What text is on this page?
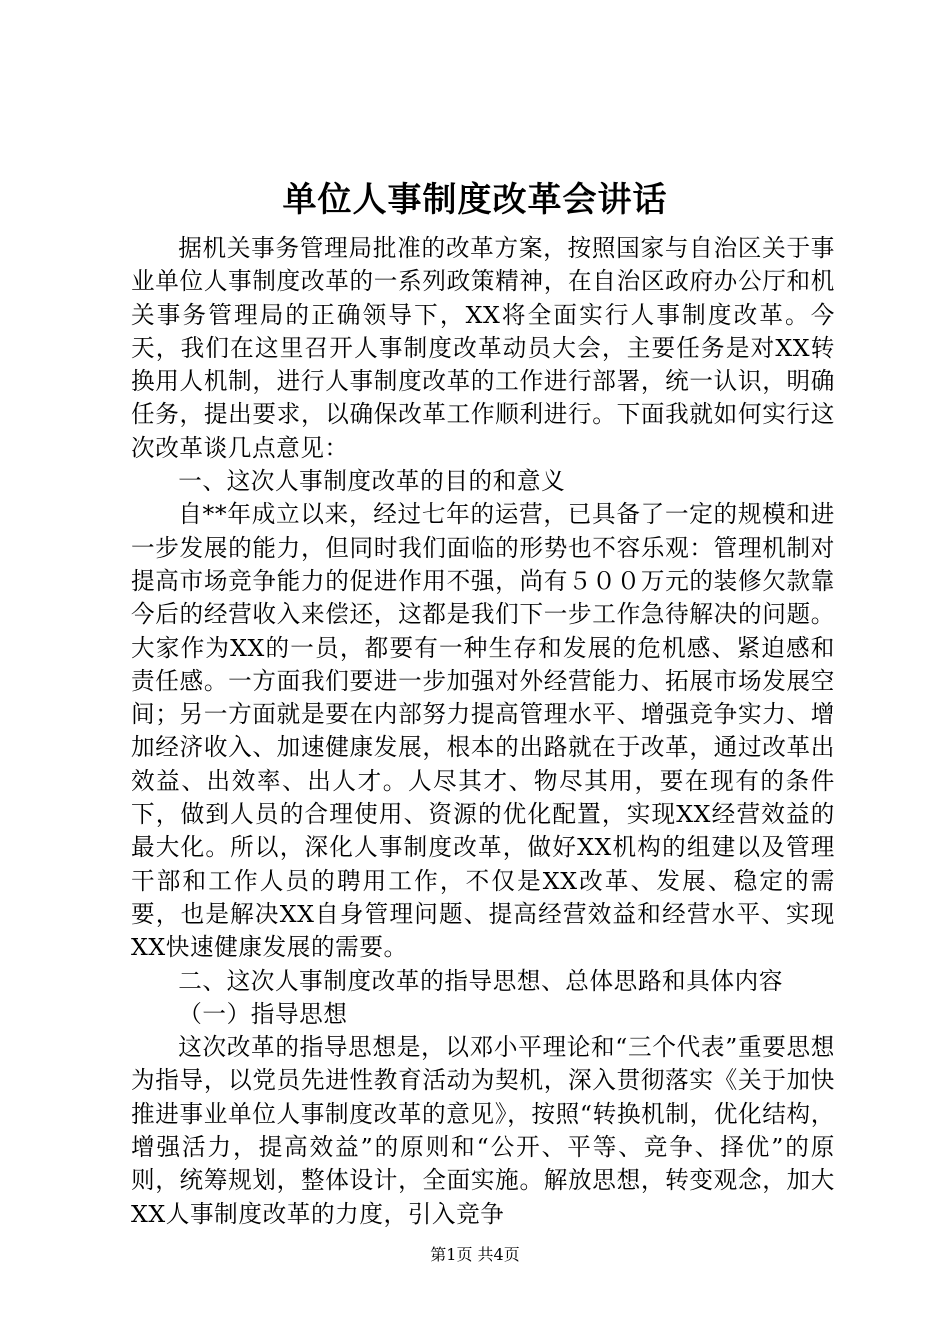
单位人事制度改革会讲话

据机关事务管理局批准的改革方案，按照国家与自治区关于事业单位人事制度改革的一系列政策精神，在自治区政府办公厅和机关事务管理局的正确领导下，XX将全面实行人事制度改革。今天，我们在这里召开人事制度改革动员大会，主要任务是对XX转换用人机制，进行人事制度改革的工作进行部署，统一认识，明确任务，提出要求，以确保改革工作顺利进行。下面我就如何实行这次改革谈几点意见：

一、这次人事制度改革的目的和意义

自**年成立以来，经过七年的运营，已具备了一定的规模和进一步发展的能力，但同时我们面临的形势也不容乐观：管理机制对提高市场竞争能力的促进作用不强，尚有５００万元的装修欠款靠今后的经营收入来偿还，这都是我们下一步工作急待解决的问题。大家作为XX的一员，都要有一种生存和发展的危机感、紧迫感和责任感。一方面我们要进一步加强对外经营能力、拓展市场发展空间；另一方面就是要在内部努力提高管理水平、增强竞争实力、增加经济收入、加速健康发展，根本的出路就在于改革，通过改革出效益、出效率、出人才。人尽其才、物尽其用，要在现有的条件下，做到人员的合理使用、资源的优化配置，实现XX经营效益的最大化。所以，深化人事制度改革，做好XX机构的组建以及管理干部和工作人员的聘用工作，不仅是XX改革、发展、稳定的需要，也是解决XX自身管理问题、提高经营效益和经营水平、实现XX快速健康发展的需要。

二、这次人事制度改革的指导思想、总体思路和具体内容

（一）指导思想

这次改革的指导思想是，以邓小平理论和“三个代表”重要思想为指导，以党员先进性教育活动为契机，深入贯彻落实《关于加快推进事业单位人事制度改革的意见》，按照“转换机制，优化结构，增强活力，提高效益”的原则和“公开、平等、竞争、择优”的原则，统筹规划，整体设计，全面实施。解放思想，转变观念，加大XX人事制度改革的力度，引入竞争

第1页 共4页
